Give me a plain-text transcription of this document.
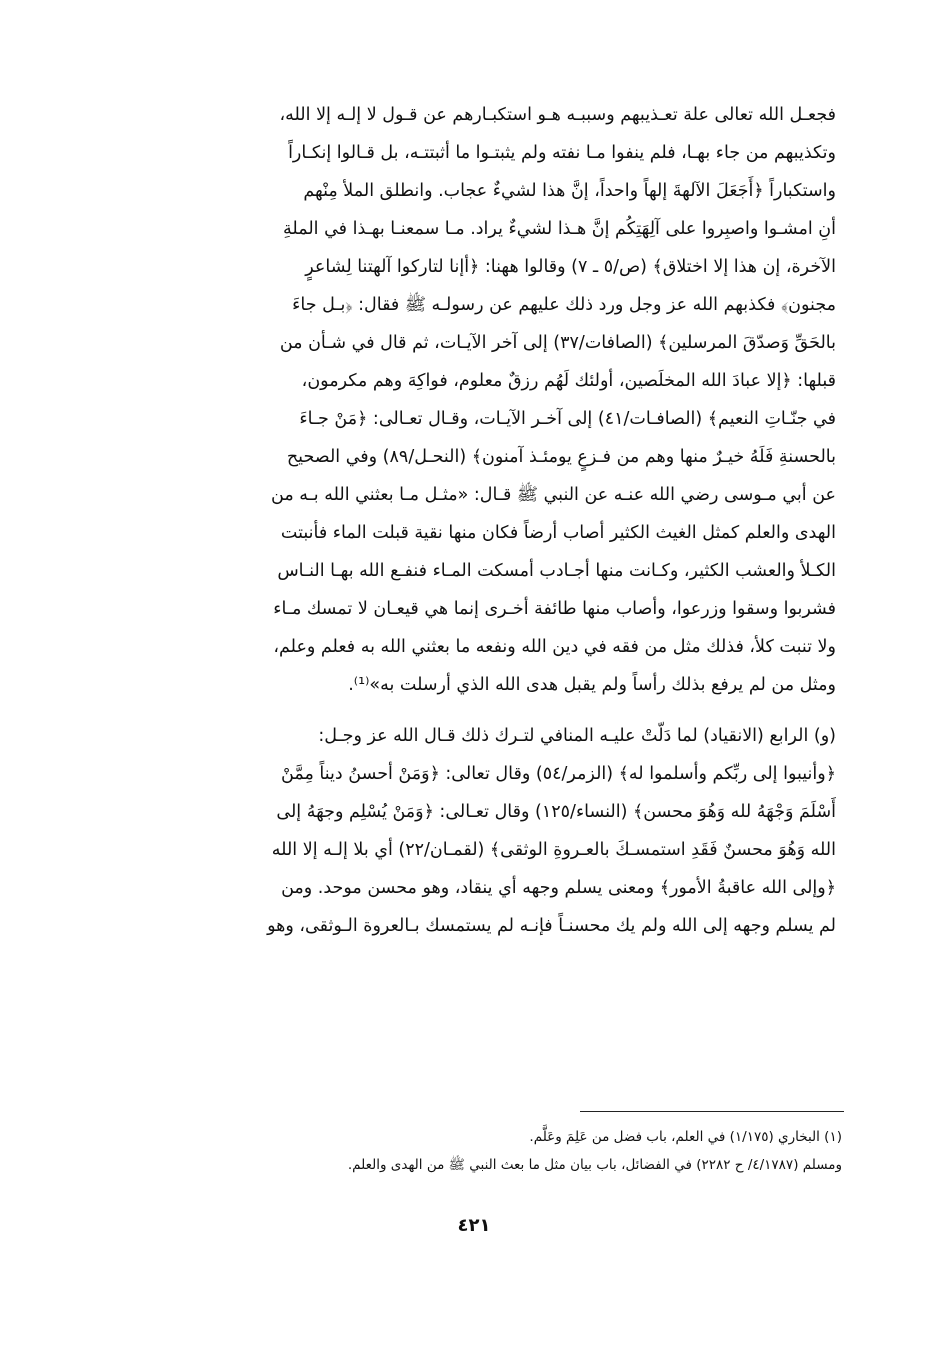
فجعـل الله تعالى علة تعـذيبهم وسببـه هـو استكبـارهم عن قـول لا إلـه إلا الله،
وتكذيبهم من جاء بهـا، فلم ينفوا مـا نفته ولم يثبتـوا ما أثبتتـه، بل قـالوا إنكـاراً
واستكباراً ﴿أَجَعَلَ الآلهةَ إلهاً واحداً، إنَّ هذا لشيءٌ عجاب. وانطلق الملأ مِنْهم
أنِ امشـوا واصبِروا على آلِهَتِكُم إنَّ هـذا لشيءٌ يراد. مـا سمعنـا بهـذا في الملةِ
الآخرة، إن هذا إلا اختلاق﴾ (ص/٥ ـ ٧) وقالوا ههنا: ﴿أإنا لتاركوا آلهتنا لِشاعرٍ
مجنون﴾ فكذبهم الله عز وجل ورد ذلك عليهم عن رسولـه ﷺ فقال: ﴿بـل جاءَ
بالحَقِّ وَصدّقَ المرسلين﴾ (الصافات/٣٧) إلى آخر الآيـات، ثم قال في شـأن من
قبلها: ﴿إلا عبادَ الله المخلَصين، أولئك لَهُم رزقٌ معلوم، فواكِهَ وهم مكرمون،
في جنّـاتِ النعيم﴾ (الصافـات/٤١) إلى آخـر الآيـات، وقـال تعـالى: ﴿مَنْ جـاءَ
بالحسنةِ فَلَهُ خيـرٌ منها وهم من فـزعٍ يومئـذ آمنون﴾ (النحـل/٨٩) وفي الصحيح
عن أبي مـوسى رضي الله عنـه عن النبي ﷺ قـال: «مثـل مـا بعثني الله بـه من
الهدى والعلم كمثل الغيث الكثير أصاب أرضاً فكان منها نقية قبلت الماء فأنبتت
الكـلأ والعشب الكثير، وكـانت منها أجـادب أمسكت المـاء فنفـع الله بهـا النـاس
فشربوا وسقوا وزرعوا، وأصاب منها طائفة أخـرى إنما هي قيعـان لا تمسك مـاء
ولا تنبت كلأ، فذلك مثل من فقه في دين الله ونفعه ما بعثني الله به فعلم وعلم،
ومثل من لم يرفع بذلك رأساً ولم يقبل هدى الله الذي أرسلت به»⁽¹⁾.
(و) الرابع (الانقياد) لما دَلّتْ عليـه المنافي لتـرك ذلك قـال الله عز وجـل:
﴿وأنيبوا إلى ربِّكم وأسلموا له﴾ (الزمر/٥٤) وقال تعالى: ﴿وَمَنْ أحسنُ ديناً مِمَّنْ
أَسْلَمَ وَجْهَهُ لله وَهُوَ محسن﴾ (النساء/١٢٥) وقال تعـالى: ﴿وَمَنْ يُسْلِم وجهَهُ إلى
الله وَهُوَ محسنٌ فَقَدِ استمسـكَ بالعـروةِ الوثقى﴾ (لقمـان/٢٢) أي بلا إلـه إلا الله
﴿وإلى الله عاقبةُ الأمور﴾ ومعنى يسلم وجهه أي ينقاد، وهو محسن موحد. ومن
لم يسلم وجهه إلى الله ولم يك محسنـاً فإنـه لم يستمسك بـالعروة الـوثقى، وهو
(١) البخاري (١/١٧٥) في العلم، باب فضل من عَلِمَ وعَلَّم.
ومسلم (٤/١٧٨٧/ ح ٢٢٨٢) في الفضائل، باب بيان مثل ما بعث النبي ﷺ من الهدى والعلم.
٤٢١
